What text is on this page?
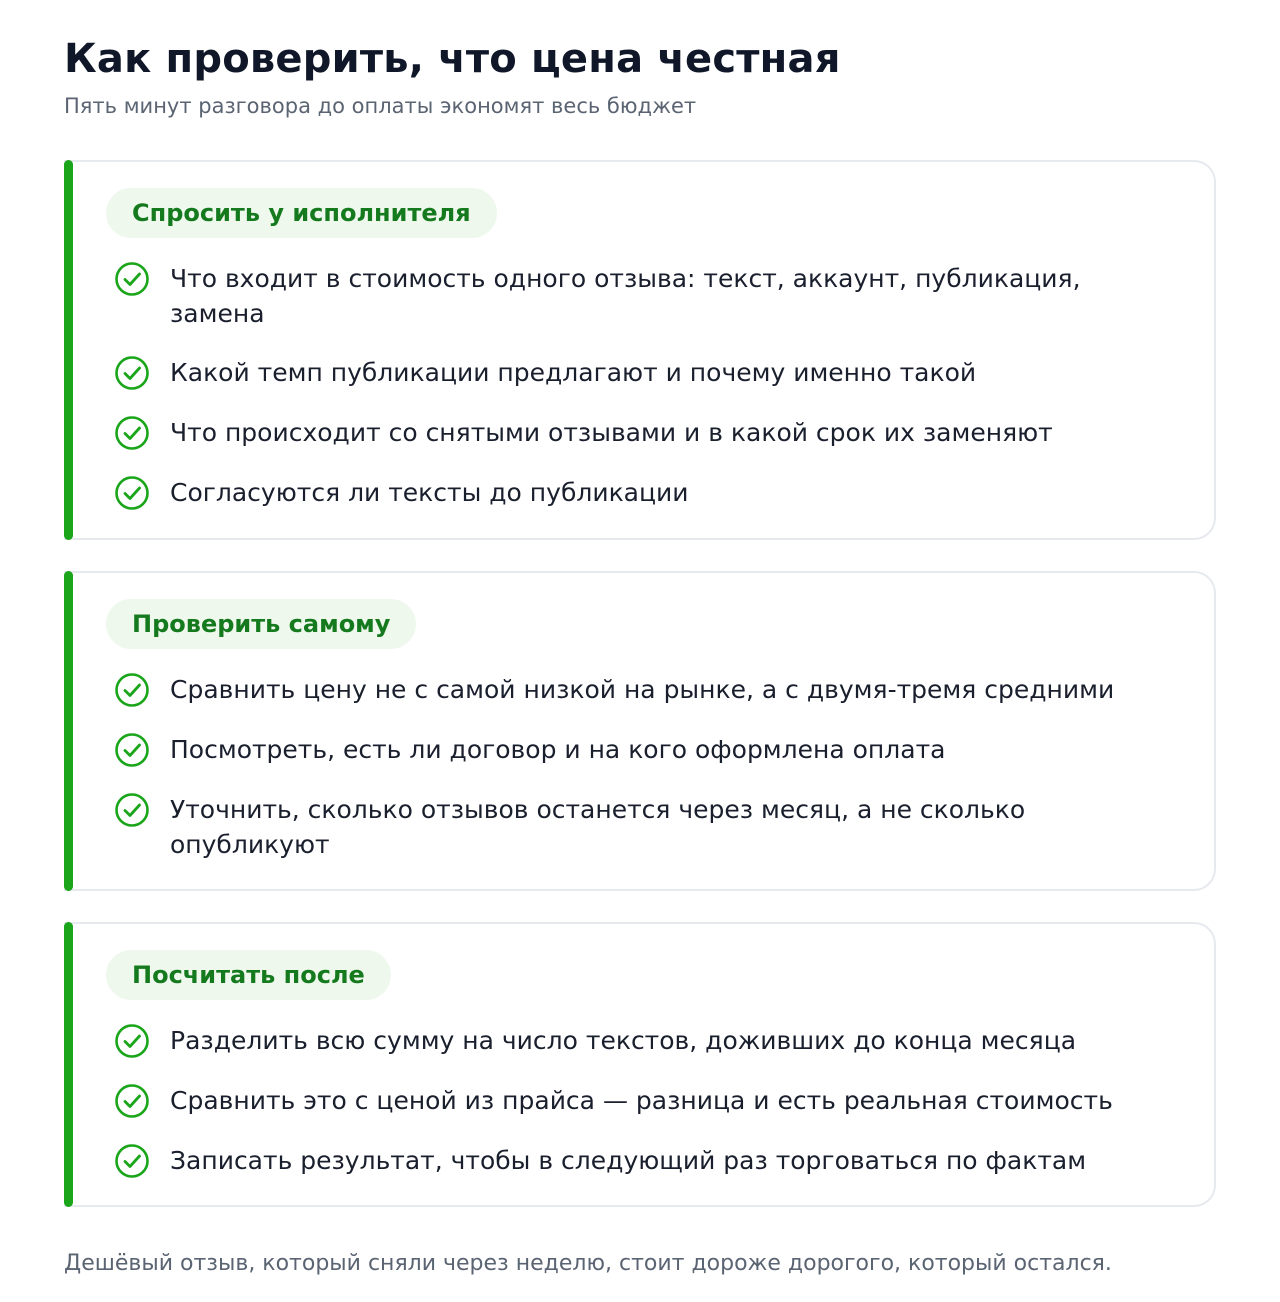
Как проверить, что цена честная

Пять минут разговора до оплаты экономят весь бюджет

Спросить у исполнителя
Что входит в стоимость одного отзыва: текст, аккаунт, публикация, замена
Какой темп публикации предлагают и почему именно такой
Что происходит со снятыми отзывами и в какой срок их заменяют
Согласуются ли тексты до публикации
Проверить самому
Сравнить цену не с самой низкой на рынке, а с двумя-тремя средними
Посмотреть, есть ли договор и на кого оформлена оплата
Уточнить, сколько отзывов останется через месяц, а не сколько опубликуют
Посчитать после
Разделить всю сумму на число текстов, доживших до конца месяца
Сравнить это с ценой из прайса — разница и есть реальная стоимость
Записать результат, чтобы в следующий раз торговаться по фактам

Дешёвый отзыв, который сняли через неделю, стоит дороже дорогого, который остался.
